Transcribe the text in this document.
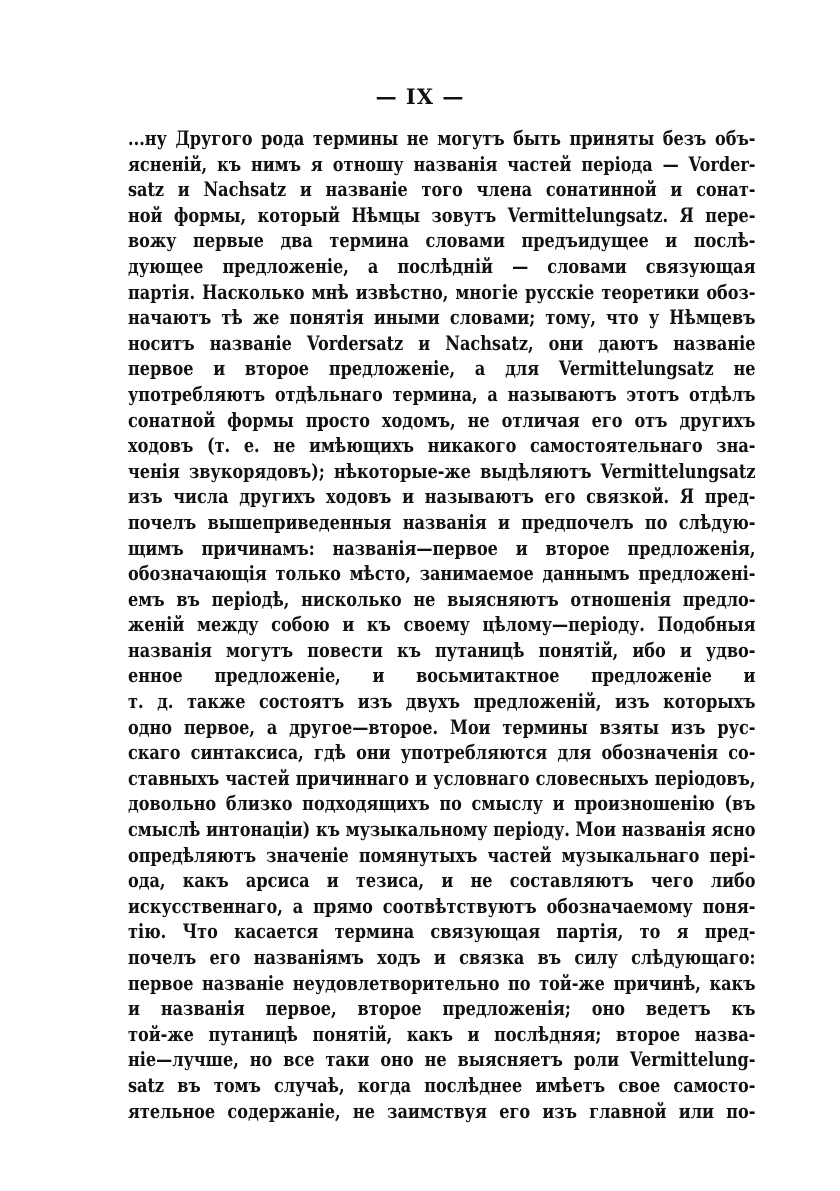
— IX —
...ну Другого рода термины не могутъ быть приняты безъ объ-
ясненій, къ нимъ я отношу названія частей періода — Vorder-
satz и Nachsatz и названіе того члена сонатинной и сонат-
ной формы, который Нѣмцы зовутъ Vermittelungsatz. Я пере-
вожу первые два термина словами предъидущее и послѣ-
дующее предложеніе, а послѣдній — словами связующая
партія. Насколько мнѣ извѣстно, многіе русскіе теоретики обоз-
начаютъ тѣ же понятія иными словами; тому, что у Нѣмцевъ
носитъ названіе Vordersatz и Nachsatz, они даютъ названіе
первое и второе предложеніе, а для Vermittelungsatz не
употребляютъ отдѣльнаго термина, а называютъ этотъ отдѣлъ
сонатной формы просто ходомъ, не отличая его отъ другихъ
ходовъ (т. е. не имѣющихъ никакого самостоятельнаго зна-
ченія звукорядовъ); нѣкоторые-же выдѣляютъ Vermittelungsatz
изъ числа другихъ ходовъ и называютъ его связкой. Я пред-
почелъ вышеприведенныя названія и предпочелъ по слѣдую-
щимъ причинамъ: названія—первое и второе предложенія,
обозначающія только мѣсто, занимаемое даннымъ предложені-
емъ въ періодѣ, нисколько не выясняютъ отношенія предло-
женій между собою и къ своему цѣлому—періоду. Подобныя
названія могутъ повести къ путаницѣ понятій, ибо и удво-
енное предложеніе, и восьмитактное предложеніе и
т. д. также состоятъ изъ двухъ предложеній, изъ которыхъ
одно первое, а другое—второе. Мои термины взяты изъ рус-
скаго синтаксиса, гдѣ они употребляются для обозначенія со-
ставныхъ частей причиннаго и условнаго словесныхъ періодовъ,
довольно близко подходящихъ по смыслу и произношенію (въ
смыслѣ интонаціи) къ музыкальному періоду. Мои названія ясно
опредѣляютъ значеніе помянутыхъ частей музыкальнаго пері-
ода, какъ арсиса и тезиса, и не составляютъ чего либо
искусственнаго, а прямо соотвѣтствуютъ обозначаемому поня-
тію. Что касается термина связующая партія, то я пред-
почелъ его названіямъ ходъ и связка въ силу слѣдующаго:
первое названіе неудовлетворительно по той-же причинѣ, какъ
и названія первое, второе предложенія; оно ведетъ къ
той-же путаницѣ понятій, какъ и послѣдняя; второе назва-
ніе—лучше, но все таки оно не выясняетъ роли Vermittelung-
satz въ томъ случаѣ, когда послѣднее имѣетъ свое самосто-
ятельное содержаніе, не заимствуя его изъ главной или по-
